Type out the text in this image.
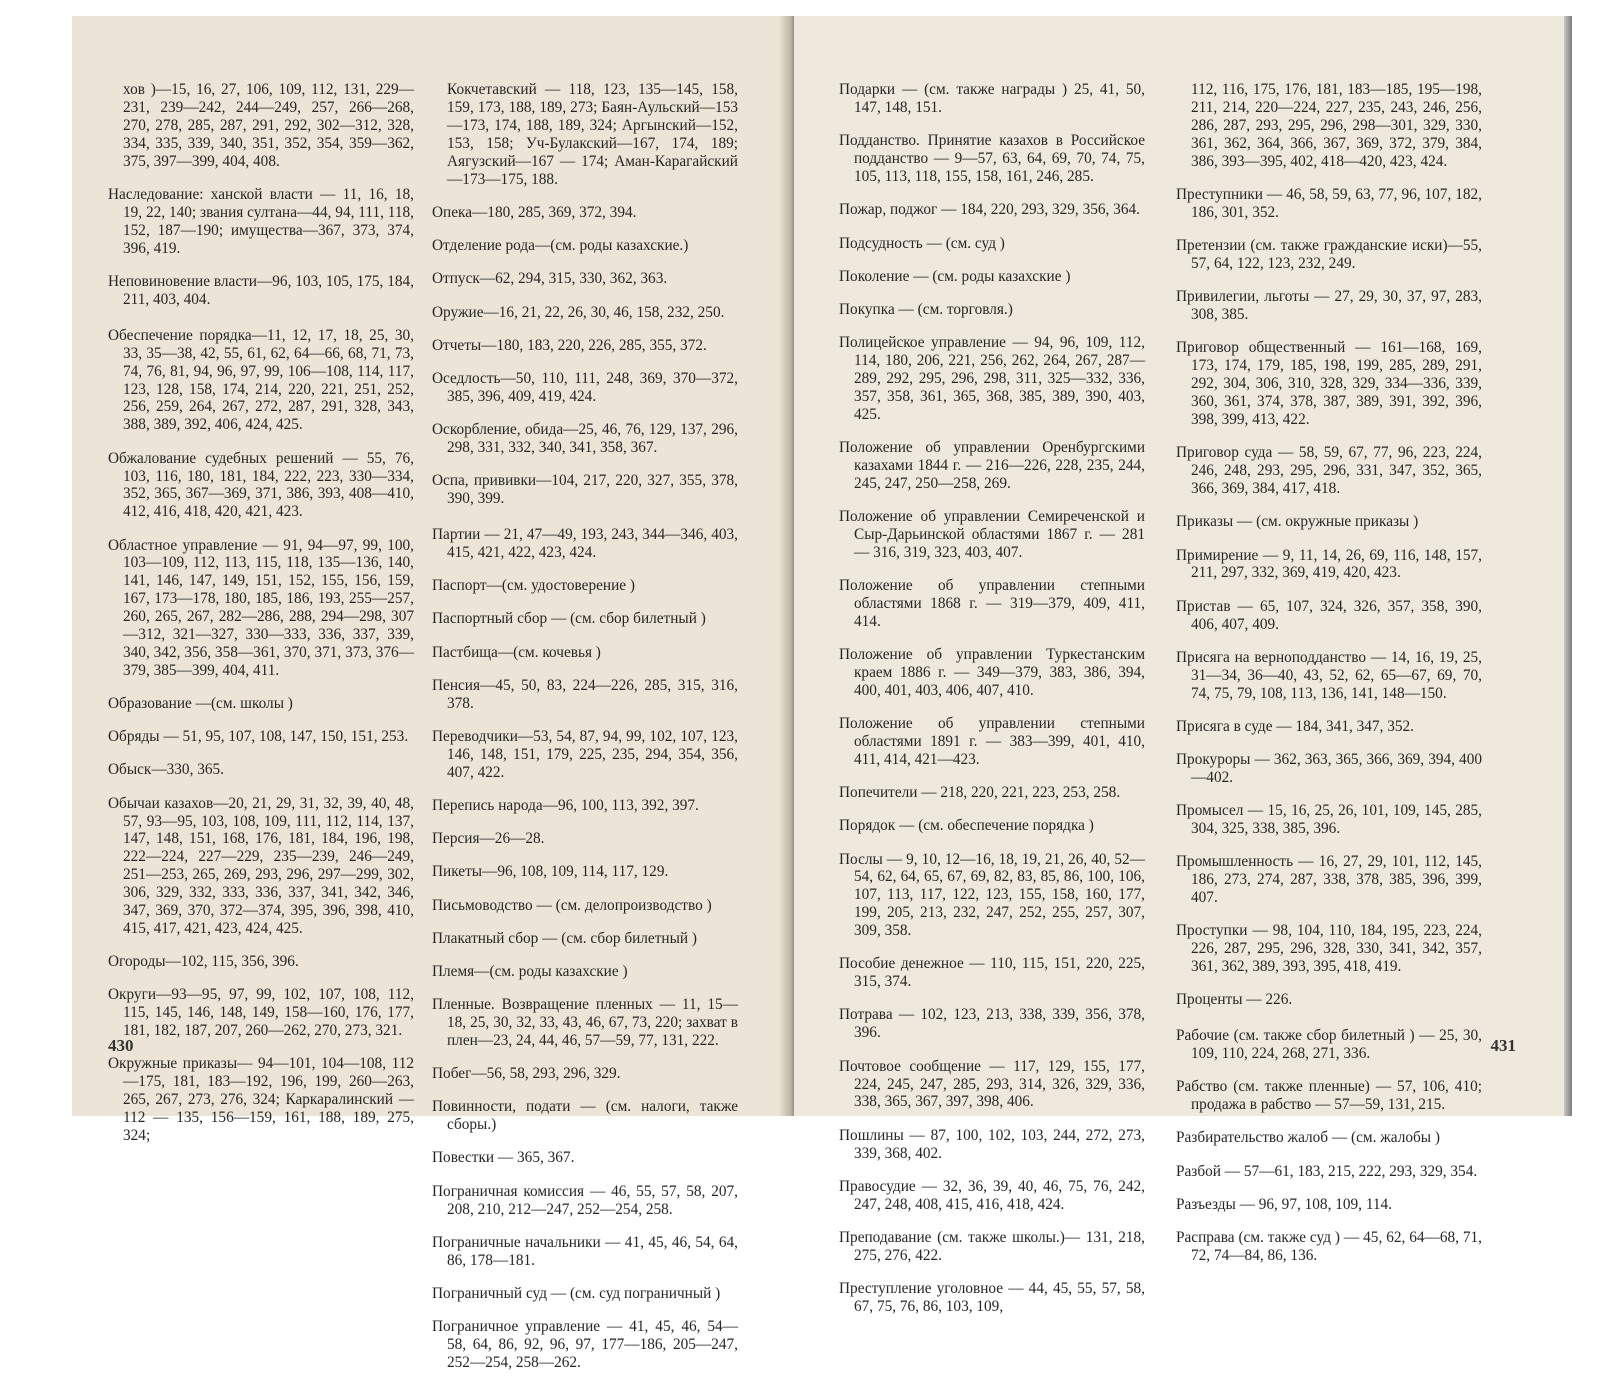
хов )—15, 16, 27, 106, 109, 112, 131, 229—231, 239—242, 244—249, 257, 266—268, 270, 278, 285, 287, 291, 292, 302—312, 328, 334, 335, 339, 340, 351, 352, 354, 359—362, 375, 397—399, 404, 408.

Наследование: ханской власти — 11, 16, 18, 19, 22, 140; звания султана—44, 94, 111, 118, 152, 187—190; имущества—367, 373, 374, 396, 419.

Неповиновение власти—96, 103, 105, 175, 184, 211, 403, 404.

Обеспечение порядка—11, 12, 17, 18, 25, 30, 33, 35—38, 42, 55, 61, 62, 64—66, 68, 71, 73, 74, 76, 81, 94, 96, 97, 99, 106—108, 114, 117, 123, 128, 158, 174, 214, 220, 221, 251, 252, 256, 259, 264, 267, 272, 287, 291, 328, 343, 388, 389, 392, 406, 424, 425.

Обжалование судебных решений — 55, 76, 103, 116, 180, 181, 184, 222, 223, 330—334, 352, 365, 367—369, 371, 386, 393, 408—410, 412, 416, 418, 420, 421, 423.

Областное управление — 91, 94—97, 99, 100, 103—109, 112, 113, 115, 118, 135—136, 140, 141, 146, 147, 149, 151, 152, 155, 156, 159, 167, 173—178, 180, 185, 186, 193, 255—257, 260, 265, 267, 282—286, 288, 294—298, 307—312, 321—327, 330—333, 336, 337, 339, 340, 342, 356, 358—361, 370, 371, 373, 376—379, 385—399, 404, 411.

Образование —(см. школы )

Обряды — 51, 95, 107, 108, 147, 150, 151, 253.

Обыск—330, 365.

Обычаи казахов—20, 21, 29, 31, 32, 39, 40, 48, 57, 93—95, 103, 108, 109, 111, 112, 114, 137, 147, 148, 151, 168, 176, 181, 184, 196, 198, 222—224, 227—229, 235—239, 246—249, 251—253, 265, 269, 293, 296, 297—299, 302, 306, 329, 332, 333, 336, 337, 341, 342, 346, 347, 369, 370, 372—374, 395, 396, 398, 410, 415, 417, 421, 423, 424, 425.

Огороды—102, 115, 356, 396.

Округи—93—95, 97, 99, 102, 107, 108, 112, 115, 145, 146, 148, 149, 158—160, 176, 177, 181, 182, 187, 207, 260—262, 270, 273, 321.

Окружные приказы— 94—101, 104—108, 112—175, 181, 183—192, 196, 199, 260—263, 265, 267, 273, 276, 324; Каркаралинский — 112 — 135, 156—159, 161, 188, 189, 275, 324;

Кокчетавский — 118, 123, 135—145, 158, 159, 173, 188, 189, 273; Баян-Аульский—153—173, 174, 188, 189, 324; Аргынский—152, 153, 158; Уч-Булакский—167, 174, 189; Аягузский—167 — 174; Аман-Карагайский—173—175, 188.

Опека—180, 285, 369, 372, 394.

Отделение рода—(см. роды казахские.)

Отпуск—62, 294, 315, 330, 362, 363.

Оружие—16, 21, 22, 26, 30, 46, 158, 232, 250.

Отчеты—180, 183, 220, 226, 285, 355, 372.

Оседлость—50, 110, 111, 248, 369, 370—372, 385, 396, 409, 419, 424.

Оскорбление, обида—25, 46, 76, 129, 137, 296, 298, 331, 332, 340, 341, 358, 367.

Оспа, прививки—104, 217, 220, 327, 355, 378, 390, 399.

Партии — 21, 47—49, 193, 243, 344—346, 403, 415, 421, 422, 423, 424.

Паспорт—(см. удостоверение )

Паспортный сбор — (см. сбор билетный )

Пастбища—(см. кочевья )

Пенсия—45, 50, 83, 224—226, 285, 315, 316, 378.

Переводчики—53, 54, 87, 94, 99, 102, 107, 123, 146, 148, 151, 179, 225, 235, 294, 354, 356, 407, 422.

Перепись народа—96, 100, 113, 392, 397.

Персия—26—28.

Пикеты—96, 108, 109, 114, 117, 129.

Письмоводство — (см. делопроизводство )

Плакатный сбор — (см. сбор билетный )

Племя—(см. роды казахские )

Пленные. Возвращение пленных — 11, 15—18, 25, 30, 32, 33, 43, 46, 67, 73, 220; захват в плен—23, 24, 44, 46, 57—59, 77, 131, 222.

Побег—56, 58, 293, 296, 329.

Повинности, подати — (см. налоги, также сборы.)

Повестки — 365, 367.

Пограничная комиссия — 46, 55, 57, 58, 207, 208, 210, 212—247, 252—254, 258.

Пограничные начальники — 41, 45, 46, 54, 64, 86, 178—181.

Пограничный суд — (см. суд пограничный )

Пограничное управление — 41, 45, 46, 54—58, 64, 86, 92, 96, 97, 177—186, 205—247, 252—254, 258—262.

430

Подарки — (см. также награды ) 25, 41, 50, 147, 148, 151.

Подданство. Принятие казахов в Российское подданство — 9—57, 63, 64, 69, 70, 74, 75, 105, 113, 118, 155, 158, 161, 246, 285.

Пожар, поджог — 184, 220, 293, 329, 356, 364.

Подсудность — (см. суд )

Поколение — (см. роды казахские )

Покупка — (см. торговля.)

Полицейское управление — 94, 96, 109, 112, 114, 180, 206, 221, 256, 262, 264, 267, 287—289, 292, 295, 296, 298, 311, 325—332, 336, 357, 358, 361, 365, 368, 385, 389, 390, 403, 425.

Положение об управлении Оренбургскими казахами 1844 г. — 216—226, 228, 235, 244, 245, 247, 250—258, 269.

Положение об управлении Семиреченской и Сыр-Дарьинской областями 1867 г. — 281 — 316, 319, 323, 403, 407.

Положение об управлении степными областями 1868 г. — 319—379, 409, 411, 414.

Положение об управлении Туркестанским краем 1886 г. — 349—379, 383, 386, 394, 400, 401, 403, 406, 407, 410.

Положение об управлении степными областями 1891 г. — 383—399, 401, 410, 411, 414, 421—423.

Попечители — 218, 220, 221, 223, 253, 258.

Порядок — (см. обеспечение порядка )

Послы — 9, 10, 12—16, 18, 19, 21, 26, 40, 52—54, 62, 64, 65, 67, 69, 82, 83, 85, 86, 100, 106, 107, 113, 117, 122, 123, 155, 158, 160, 177, 199, 205, 213, 232, 247, 252, 255, 257, 307, 309, 358.

Пособие денежное — 110, 115, 151, 220, 225, 315, 374.

Потрава — 102, 123, 213, 338, 339, 356, 378, 396.

Почтовое сообщение — 117, 129, 155, 177, 224, 245, 247, 285, 293, 314, 326, 329, 336, 338, 365, 367, 397, 398, 406.

Пошлины — 87, 100, 102, 103, 244, 272, 273, 339, 368, 402.

Правосудие — 32, 36, 39, 40, 46, 75, 76, 242, 247, 248, 408, 415, 416, 418, 424.

Преподавание (см. также школы.)— 131, 218, 275, 276, 422.

Преступление уголовное — 44, 45, 55, 57, 58, 67, 75, 76, 86, 103, 109,

112, 116, 175, 176, 181, 183—185, 195—198, 211, 214, 220—224, 227, 235, 243, 246, 256, 286, 287, 293, 295, 296, 298—301, 329, 330, 361, 362, 364, 366, 367, 369, 372, 379, 384, 386, 393—395, 402, 418—420, 423, 424.

Преступники — 46, 58, 59, 63, 77, 96, 107, 182, 186, 301, 352.

Претензии (см. также гражданские иски)—55, 57, 64, 122, 123, 232, 249.

Привилегии, льготы — 27, 29, 30, 37, 97, 283, 308, 385.

Приговор общественный — 161—168, 169, 173, 174, 179, 185, 198, 199, 285, 289, 291, 292, 304, 306, 310, 328, 329, 334—336, 339, 360, 361, 374, 378, 387, 389, 391, 392, 396, 398, 399, 413, 422.

Приговор суда — 58, 59, 67, 77, 96, 223, 224, 246, 248, 293, 295, 296, 331, 347, 352, 365, 366, 369, 384, 417, 418.

Приказы — (см. окружные приказы )

Примирение — 9, 11, 14, 26, 69, 116, 148, 157, 211, 297, 332, 369, 419, 420, 423.

Пристав — 65, 107, 324, 326, 357, 358, 390, 406, 407, 409.

Присяга на верноподданство — 14, 16, 19, 25, 31—34, 36—40, 43, 52, 62, 65—67, 69, 70, 74, 75, 79, 108, 113, 136, 141, 148—150.

Присяга в суде — 184, 341, 347, 352.

Прокуроры — 362, 363, 365, 366, 369, 394, 400—402.

Промысел — 15, 16, 25, 26, 101, 109, 145, 285, 304, 325, 338, 385, 396.

Промышленность — 16, 27, 29, 101, 112, 145, 186, 273, 274, 287, 338, 378, 385, 396, 399, 407.

Проступки — 98, 104, 110, 184, 195, 223, 224, 226, 287, 295, 296, 328, 330, 341, 342, 357, 361, 362, 389, 393, 395, 418, 419.

Проценты — 226.

Рабочие (см. также сбор билетный ) — 25, 30, 109, 110, 224, 268, 271, 336.

Рабство (см. также пленные) — 57, 106, 410; продажа в рабство — 57—59, 131, 215.

Разбирательство жалоб — (см. жалобы )

Разбой — 57—61, 183, 215, 222, 293, 329, 354.

Разъезды — 96, 97, 108, 109, 114.

Расправа (см. также суд ) — 45, 62, 64—68, 71, 72, 74—84, 86, 136.

431
